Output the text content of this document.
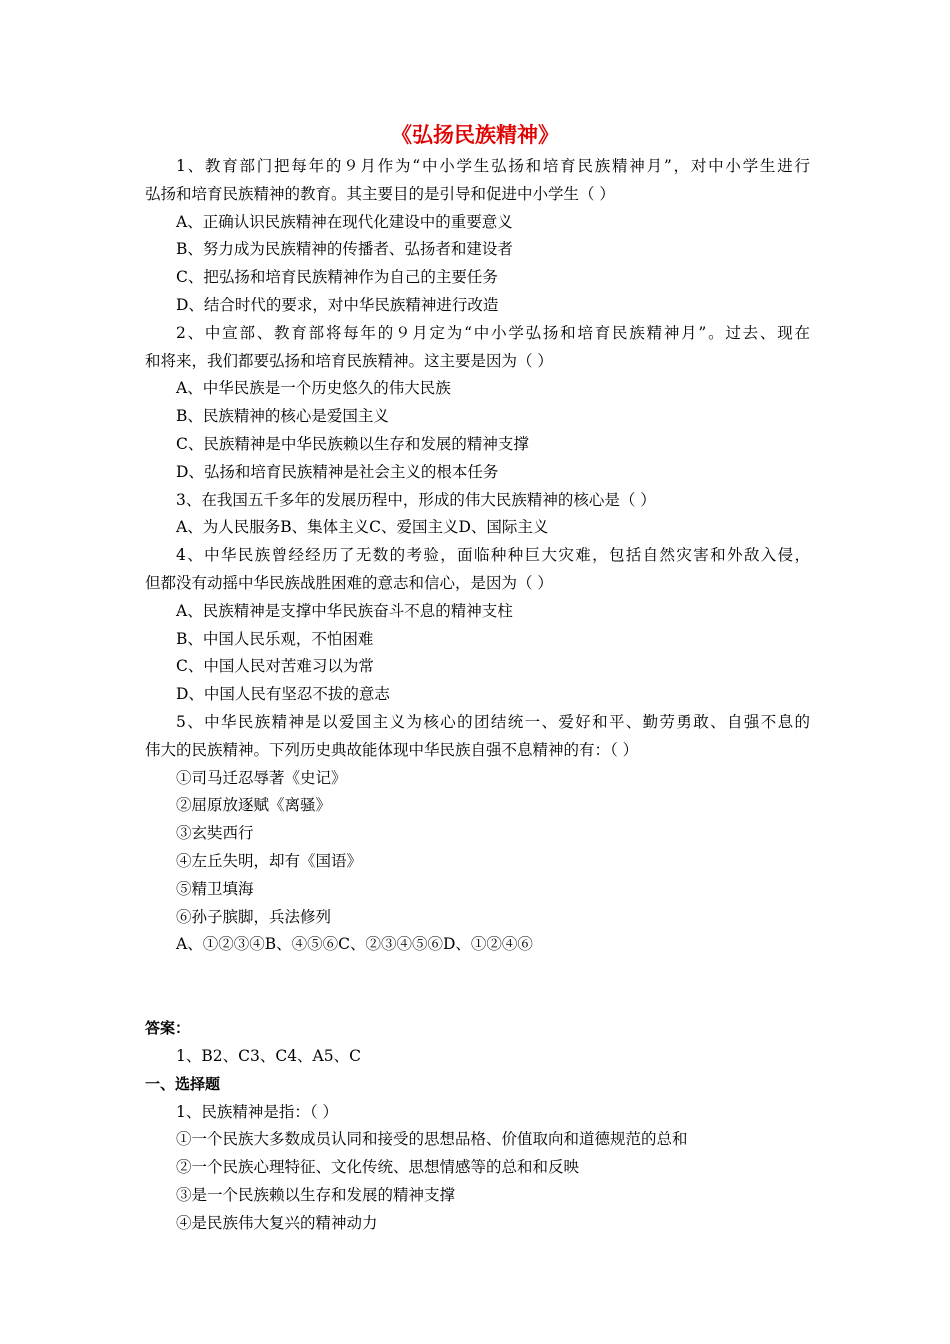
《弘扬民族精神》
1、教育部门把每年的９月作为“中小学生弘扬和培育民族精神月”，对中小学生进行
弘扬和培育民族精神的教育。其主要目的是引导和促进中小学生（ ）
A、正确认识民族精神在现代化建设中的重要意义
B、努力成为民族精神的传播者、弘扬者和建设者
C、把弘扬和培育民族精神作为自己的主要任务
D、结合时代的要求，对中华民族精神进行改造
2、中宣部、教育部将每年的９月定为“中小学弘扬和培育民族精神月”。过去、现在
和将来，我们都要弘扬和培育民族精神。这主要是因为（ ）
A、中华民族是一个历史悠久的伟大民族
B、民族精神的核心是爱国主义
C、民族精神是中华民族赖以生存和发展的精神支撑
D、弘扬和培育民族精神是社会主义的根本任务
3、在我国五千多年的发展历程中，形成的伟大民族精神的核心是（ ）
A、为人民服务B、集体主义C、爱国主义D、国际主义
4、中华民族曾经经历了无数的考验，面临种种巨大灾难，包括自然灾害和外敌入侵，
但都没有动摇中华民族战胜困难的意志和信心，是因为（ ）
A、民族精神是支撑中华民族奋斗不息的精神支柱
B、中国人民乐观，不怕困难
C、中国人民对苦难习以为常
D、中国人民有坚忍不拔的意志
5、中华民族精神是以爱国主义为核心的团结统一、爱好和平、勤劳勇敢、自强不息的
伟大的民族精神。下列历史典故能体现中华民族自强不息精神的有：（ ）
①司马迁忍辱著《史记》
②屈原放逐赋《离骚》
③玄奘西行
④左丘失明，却有《国语》
⑤精卫填海
⑥孙子膑脚，兵法修列
A、①②③④B、④⑤⑥C、②③④⑤⑥D、①②④⑥
答案：
1、B2、C3、C4、A5、C
一、选择题
1、民族精神是指：（ ）
①一个民族大多数成员认同和接受的思想品格、价值取向和道德规范的总和
②一个民族心理特征、文化传统、思想情感等的总和和反映
③是一个民族赖以生存和发展的精神支撑
④是民族伟大复兴的精神动力
